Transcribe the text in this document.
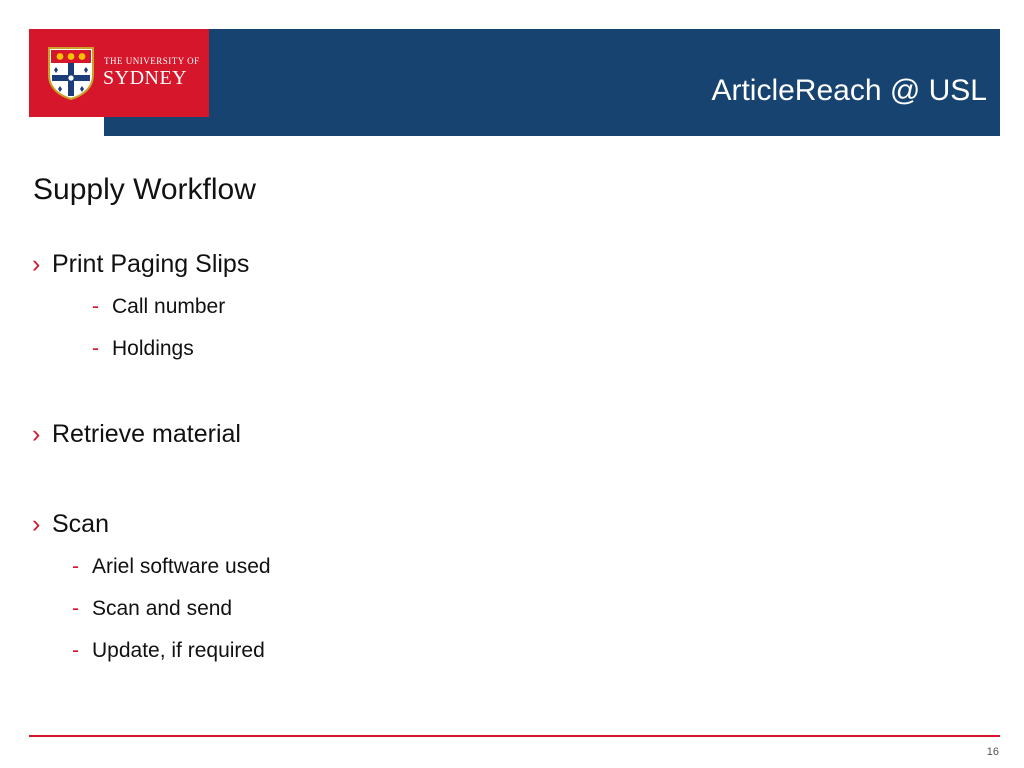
THE UNIVERSITY OF
SYDNEY	ArticleReach @ USL
Supply Workflow
› Print Paging Slips
- Call number
- Holdings
› Retrieve material
› Scan
- Ariel software used
- Scan and send
- Update, if required
16
